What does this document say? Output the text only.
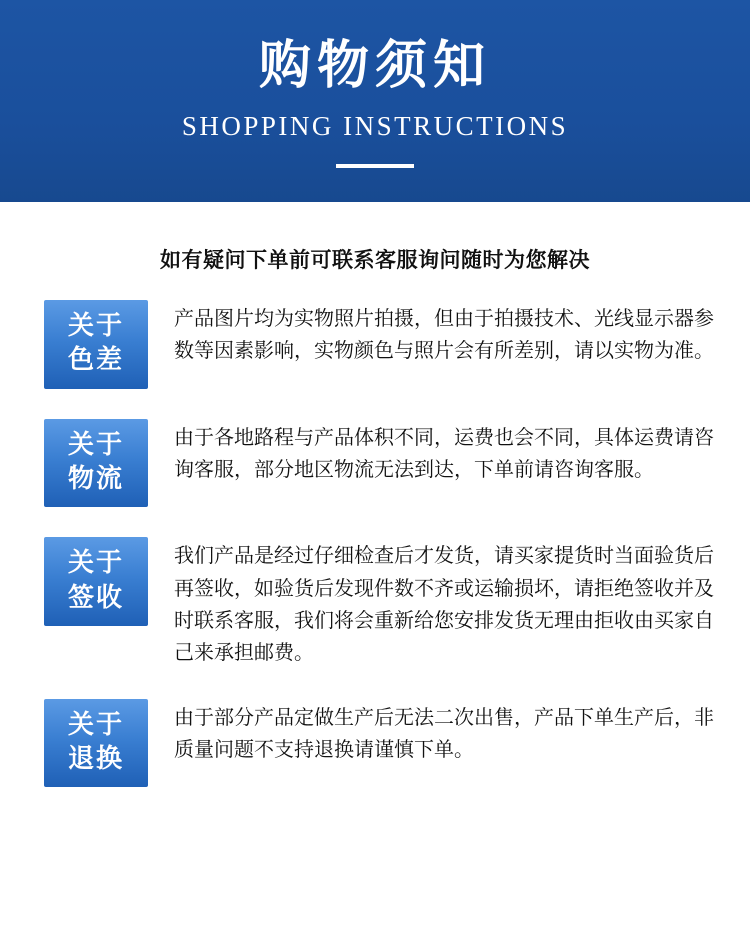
购物须知
SHOPPING INSTRUCTIONS
如有疑问下单前可联系客服询问随时为您解决
关于
色差
产品图片均为实物照片拍摄，但由于拍摄技术、光线显示器参数等因素影响，实物颜色与照片会有所差别，请以实物为准。
关于
物流
由于各地路程与产品体积不同，运费也会不同，具体运费请咨询客服，部分地区物流无法到达，下单前请咨询客服。
关于
签收
我们产品是经过仔细检查后才发货，请买家提货时当面验货后再签收，如验货后发现件数不齐或运输损坏，请拒绝签收并及时联系客服，我们将会重新给您安排发货无理由拒收由买家自己来承担邮费。
关于
退换
由于部分产品定做生产后无法二次出售，产品下单生产后，非质量问题不支持退换请谨慎下单。
